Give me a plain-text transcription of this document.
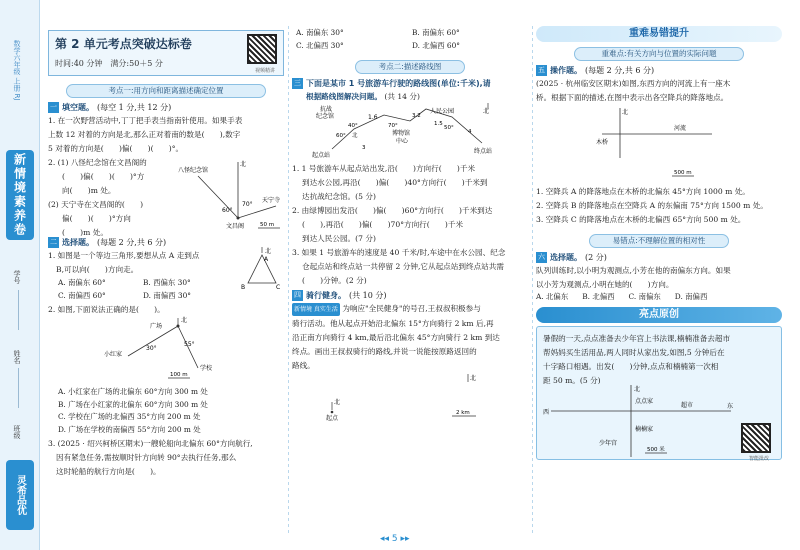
数学六年级 上册 RJ
新情境素养卷
学号
姓名
班级
灵希品优
第 2 单元考点突破达标卷
时间:40 分钟　满分:50＋5 分
视频精讲
考点一:用方向和距离描述确定位置
一 填空题。 (每空 1 分,共 12 分)
1. 在一次野营活动中,丁丁把手表当指南针使用。如果手表
上数 12 对着的方向是北,那么正对着南的数是(　　),数字
5 对着的方向是(　　)偏(　　)(　　)°。
2. (1) 八怪纪念馆在文昌阁的
(　　)偏(　　)(　　)°方
向(　　)m 处。
(2) 天宁寺在文昌阁的(　　)
偏(　　)(　　)°方向
(　　)m 处。
八怪纪念馆
北
60°
70°
天宁寺
文昌阁	50 m
二 选择题。 (每题 2 分,共 6 分)
1. 如图是一个等边三角形,要想从点 A 走到点
B,可以向(　　)方向走。
A. 南偏东 60°	B. 西偏东 30°
C. 南偏西 60°	D. 南偏西 30°
北
A
B	C
2. 如图,下面说法正确的是(　　)。
广场
北
小红家
30°
55°
学校
100 m
A. 小红家在广场的北偏东 60°方向 300 m 处
B. 广场在小红家的北偏东 60°方向 300 m 处
C. 学校在广场的北偏西 35°方向 200 m 处
D. 广场在学校的南偏西 55°方向 200 m 处
3. (2025 · 绍兴柯桥区期末)一艘轮船向北偏东 60°方向航行,
因有紧急任务,需按顺时针方向转 90°去执行任务,那么
这时轮船的航行方向是(　　)。
A. 南偏东 30°	B. 南偏东 60°
C. 北偏西 30°	D. 北偏西 60°
考点二:描述路线图
三 下面是某市 1 号旅游车行驶的路线图(单位:千米),请
根据路线图解决问题。 (共 14 分)
北
抗战
纪念馆	1.6
人民公园
40°	70°
博物馆
中心
起点站
终点站
北
50°
60°
3.2
1.5
4
3
1. 1 号旅游车从起点站出发,沿(　　)方向行(　　)千米
到达水公园,再沿(　　)偏(　　)40°方向行(　　)千米到
达抗战纪念馆。(5 分)
2. 由绿博园出发沿(　　)偏(　　)60°方向行(　　)千米到达
(　　),再沿(　　)偏(　　)70°方向行(　　)千米
到达人民公园。(7 分)
3. 如果 1 号旅游车的速度是 40 千米/时,车途中在水公园、纪念
仓起点站和终点站一共停留 2 分钟,它从起点站到终点站共需
(　　)分钟。(2 分)
四 骑行健身。 (共 10 分)
新情境 真实生活 为响应"全民健身"的号召,王叔叔积极参与
骑行活动。他从起点开始沿北偏东 15°方向骑行 2 km 后,再
沿正南方向骑行 4 km,最后沿北偏东 45°方向骑行 2 km 到达
终点。画出王叔叔骑行的路线,并说一说能按原路返回的
路线。
北
起点
北
2 km
重难易错提升
重难点:有关方向与位置的实际问题
五 操作题。 (每题 2 分,共 6 分)
(2025 · 杭州临安区期末)如图,东西方向的河流上有一座木
桥。根据下面的描述,在图中表示出各空降兵的降落地点。
北
木桥
河流
500 m
1. 空降兵 A 的降落地点在木桥的北偏东 45°方向 1000 m 处。
2. 空降兵 B 的降落地点在空降兵 A 的东偏南 75°方向 1500 m 处。
3. 空降兵 C 的降落地点在木桥的北偏西 65°方向 500 m 处。
易错点:不理解位置的相对性
六 选择题。 (2 分)
队列训练时,以小明为观测点,小芳在他的南偏东方向。如果
以小芳为观测点,小明在她的(　　)方向。
A. 北偏东 B. 北偏西 C. 南偏东 D. 南偏西
亮点原创
暑假的一天,点点准备去少年宫上书法课,楠楠准备去超市
帮妈妈买生活用品,两人同时从家出发,如图,5 分钟后在
十字路口相遇。出发(　　)分钟,点点和楠楠第一次相
距 50 m。(5 分)
北
点点家
超市
西
东
楠楠家
少年宫
500 米
智能批改
◂◂ 5 ▸▸
